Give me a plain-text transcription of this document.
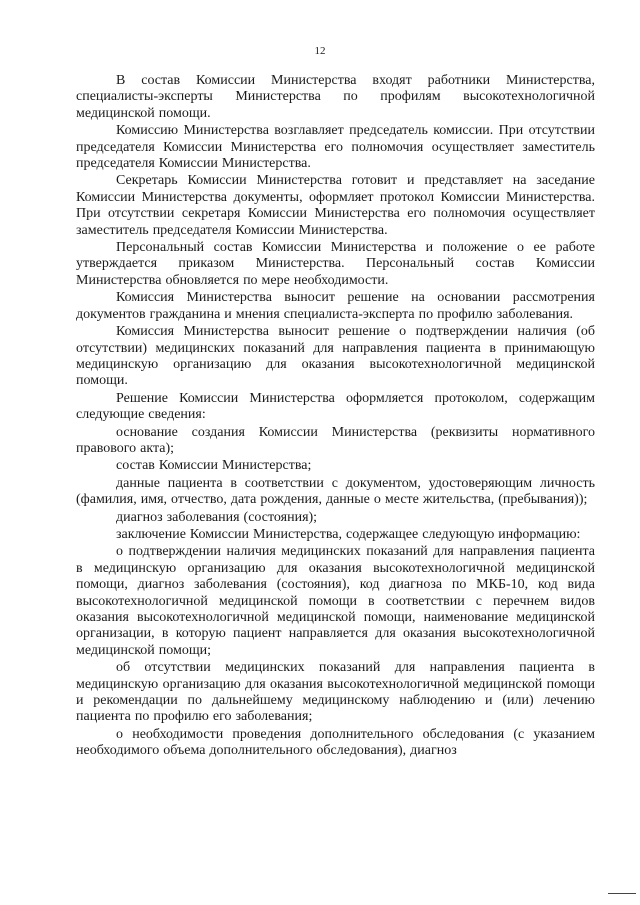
12

В состав Комиссии Министерства входят работники Министерства, специалисты-эксперты Министерства по профилям высокотехнологичной медицинской помощи.

Комиссию Министерства возглавляет председатель комиссии. При отсутствии председателя Комиссии Министерства его полномочия осуществляет заместитель председателя Комиссии Министерства.

Секретарь Комиссии Министерства готовит и представляет на заседание Комиссии Министерства документы, оформляет протокол Комиссии Министерства. При отсутствии секретаря Комиссии Министерства его полномочия осуществляет заместитель председателя Комиссии Министерства.

Персональный состав Комиссии Министерства и положение о ее работе утверждается приказом Министерства. Персональный состав Комиссии Министерства обновляется по мере необходимости.

Комиссия Министерства выносит решение на основании рассмотрения документов гражданина и мнения специалиста-эксперта по профилю заболевания.

Комиссия Министерства выносит решение о подтверждении наличия (об отсутствии) медицинских показаний для направления пациента в принимающую медицинскую организацию для оказания высокотехнологичной медицинской помощи.

Решение Комиссии Министерства оформляется протоколом, содержащим следующие сведения:

основание создания Комиссии Министерства (реквизиты нормативного правового акта);

состав Комиссии Министерства;

данные пациента в соответствии с документом, удостоверяющим личность (фамилия, имя, отчество, дата рождения, данные о месте жительства, (пребывания));

диагноз заболевания (состояния);

заключение Комиссии Министерства, содержащее следующую информацию:

о подтверждении наличия медицинских показаний для направления пациента в медицинскую организацию для оказания высокотехнологичной медицинской помощи, диагноз заболевания (состояния), код диагноза по МКБ-10, код вида высокотехнологичной медицинской помощи в соответствии с перечнем видов оказания высокотехнологичной медицинской помощи, наименование медицинской организации, в которую пациент направляется для оказания высокотехнологичной медицинской помощи;

об отсутствии медицинских показаний для направления пациента в медицинскую организацию для оказания высокотехнологичной медицинской помощи и рекомендации по дальнейшему медицинскому наблюдению и (или) лечению пациента по профилю его заболевания;

о необходимости проведения дополнительного обследования (с указанием необходимого объема дополнительного обследования), диагноз
